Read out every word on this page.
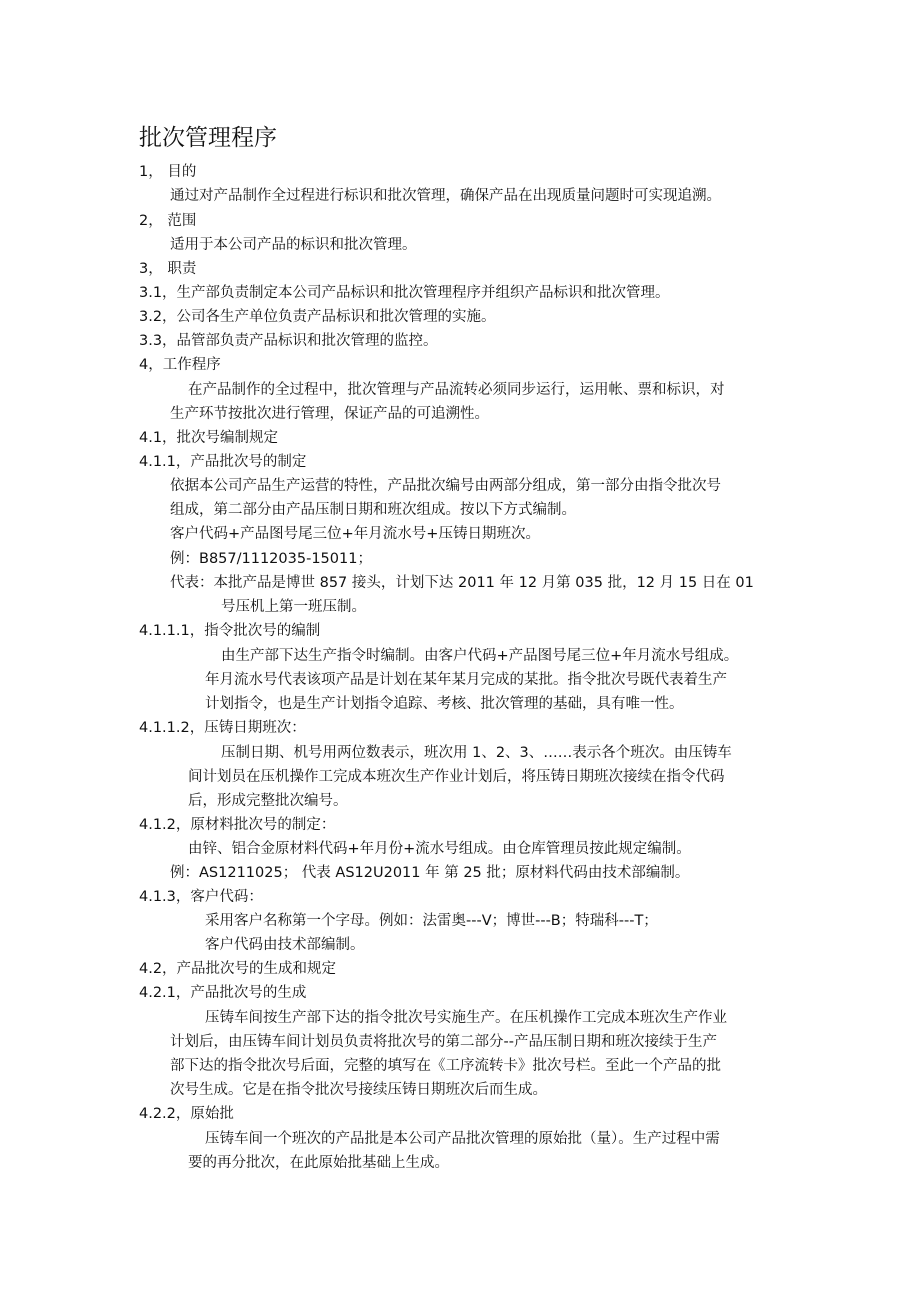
批次管理程序
1， 目的
通过对产品制作全过程进行标识和批次管理，确保产品在出现质量问题时可实现追溯。
2， 范围
适用于本公司产品的标识和批次管理。
3， 职责
3.1，生产部负责制定本公司产品标识和批次管理程序并组织产品标识和批次管理。
3.2，公司各生产单位负责产品标识和批次管理的实施。
3.3，品管部负责产品标识和批次管理的监控。
4，工作程序
在产品制作的全过程中，批次管理与产品流转必须同步运行，运用帐、票和标识，对
生产环节按批次进行管理，保证产品的可追溯性。
4.1，批次号编制规定
4.1.1，产品批次号的制定
依据本公司产品生产运营的特性，产品批次编号由两部分组成，第一部分由指令批次号
组成，第二部分由产品压制日期和班次组成。按以下方式编制。
客户代码+产品图号尾三位+年月流水号+压铸日期班次。
例：B857/1112035-15011；
代表：本批产品是博世 857 接头，计划下达 2011 年 12 月第 035 批，12 月 15 日在 01
号压机上第一班压制。
4.1.1.1，指令批次号的编制
由生产部下达生产指令时编制。由客户代码+产品图号尾三位+年月流水号组成。
年月流水号代表该项产品是计划在某年某月完成的某批。指令批次号既代表着生产
计划指令，也是生产计划指令追踪、考核、批次管理的基础，具有唯一性。
4.1.1.2，压铸日期班次：
压制日期、机号用两位数表示，班次用 1、2、3、……表示各个班次。由压铸车
间计划员在压机操作工完成本班次生产作业计划后，将压铸日期班次接续在指令代码
后，形成完整批次编号。
4.1.2，原材料批次号的制定：
由锌、铝合金原材料代码+年月份+流水号组成。由仓库管理员按此规定编制。
例：AS1211025； 代表 AS12U2011 年 第 25 批；原材料代码由技术部编制。
4.1.3，客户代码：
采用客户名称第一个字母。例如：法雷奥---V；博世---B；特瑞科---T；
客户代码由技术部编制。
4.2，产品批次号的生成和规定
4.2.1，产品批次号的生成
压铸车间按生产部下达的指令批次号实施生产。在压机操作工完成本班次生产作业
计划后，由压铸车间计划员负责将批次号的第二部分--产品压制日期和班次接续于生产
部下达的指令批次号后面，完整的填写在《工序流转卡》批次号栏。至此一个产品的批
次号生成。它是在指令批次号接续压铸日期班次后而生成。
4.2.2，原始批
压铸车间一个班次的产品批是本公司产品批次管理的原始批（量）。生产过程中需
要的再分批次，在此原始批基础上生成。
